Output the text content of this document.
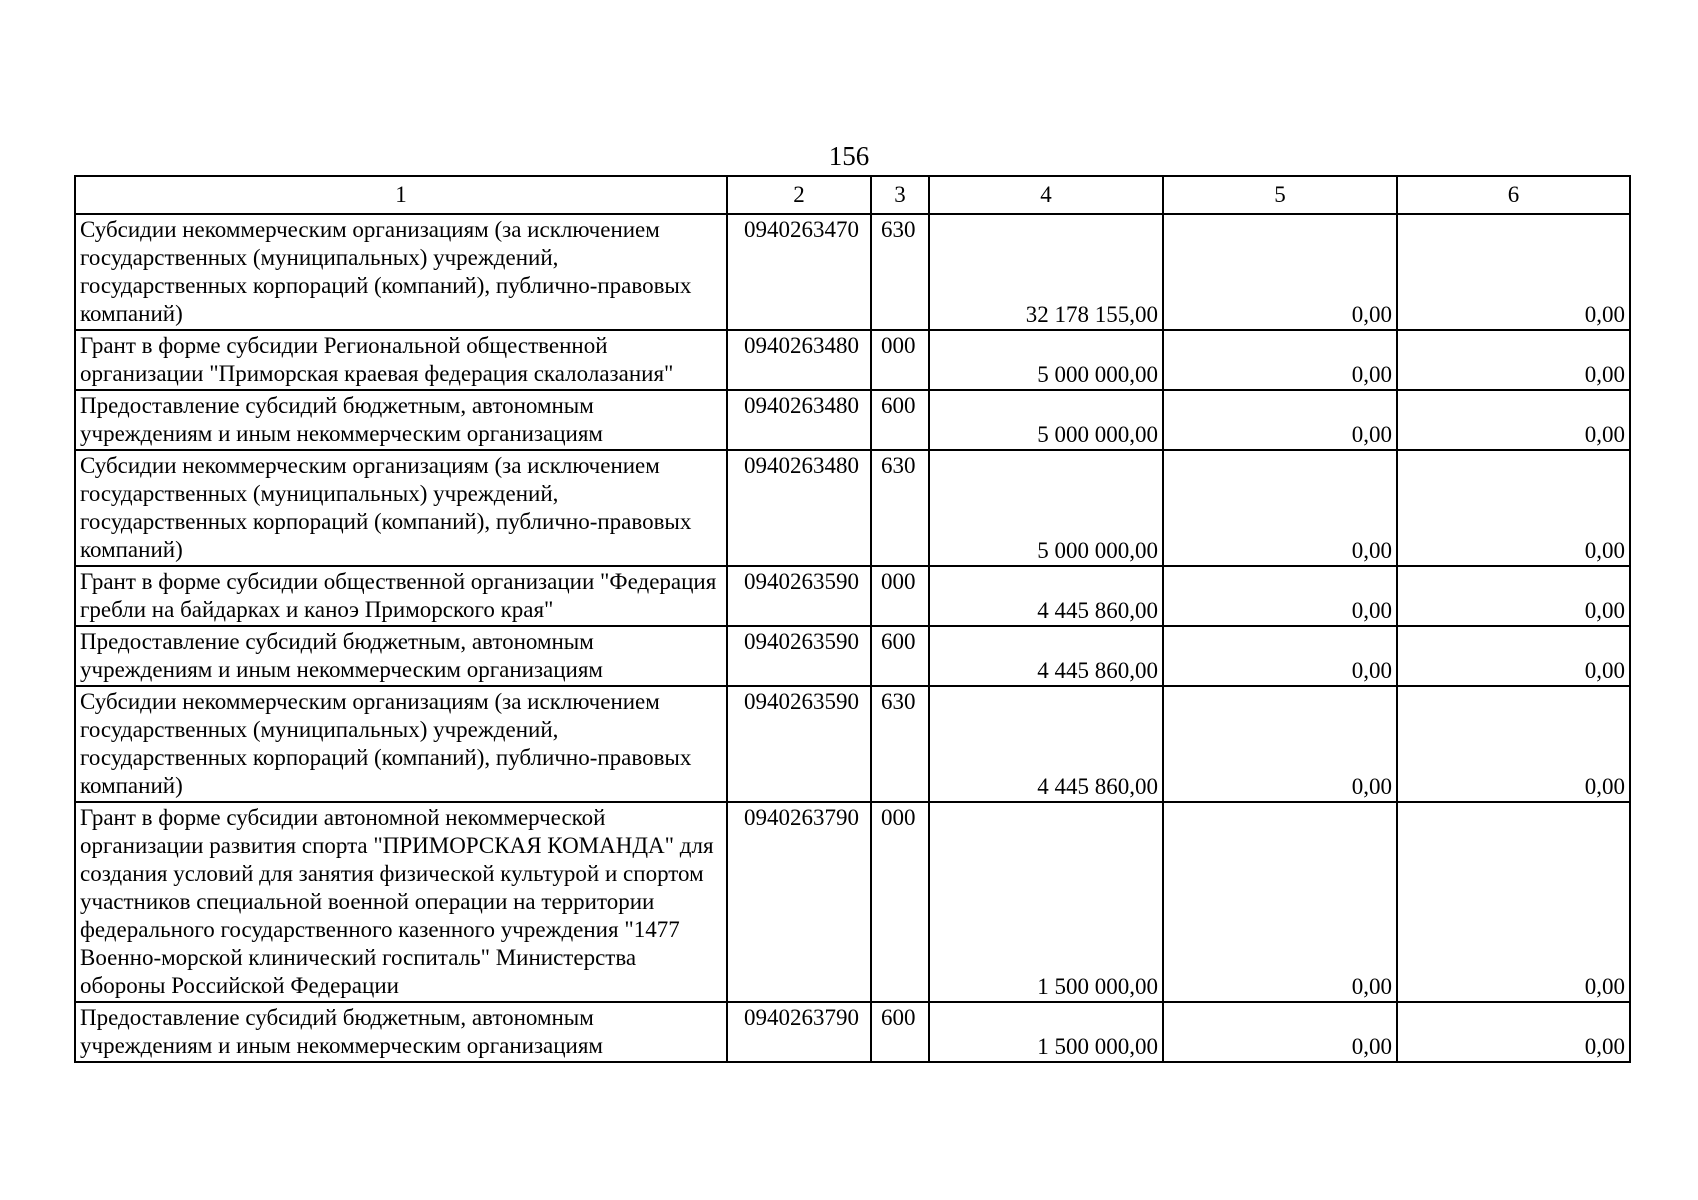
156
1	2	3	4	5	6
Субсидии некоммерческим организациям (за исключением государственных (муниципальных) учреждений, государственных корпораций (компаний), публично-правовых компаний)	0940263470	630	32 178 155,00	0,00	0,00
Грант в форме субсидии Региональной общественной организации "Приморская краевая федерация скалолазания"	0940263480	000	5 000 000,00	0,00	0,00
Предоставление субсидий бюджетным, автономным учреждениям и иным некоммерческим организациям	0940263480	600	5 000 000,00	0,00	0,00
Субсидии некоммерческим организациям (за исключением государственных (муниципальных) учреждений, государственных корпораций (компаний), публично-правовых компаний)	0940263480	630	5 000 000,00	0,00	0,00
Грант в форме субсидии общественной организации "Федерация гребли на байдарках и каноэ Приморского края"	0940263590	000	4 445 860,00	0,00	0,00
Предоставление субсидий бюджетным, автономным учреждениям и иным некоммерческим организациям	0940263590	600	4 445 860,00	0,00	0,00
Субсидии некоммерческим организациям (за исключением государственных (муниципальных) учреждений, государственных корпораций (компаний), публично-правовых компаний)	0940263590	630	4 445 860,00	0,00	0,00
Грант в форме субсидии автономной некоммерческой организации развития спорта "ПРИМОРСКАЯ КОМАНДА" для создания условий для занятия физической культурой и спортом участников специальной военной операции на территории федерального государственного казенного учреждения "1477 Военно-морской клинический госпиталь" Министерства обороны Российской Федерации	0940263790	000	1 500 000,00	0,00	0,00
Предоставление субсидий бюджетным, автономным учреждениям и иным некоммерческим организациям	0940263790	600	1 500 000,00	0,00	0,00
